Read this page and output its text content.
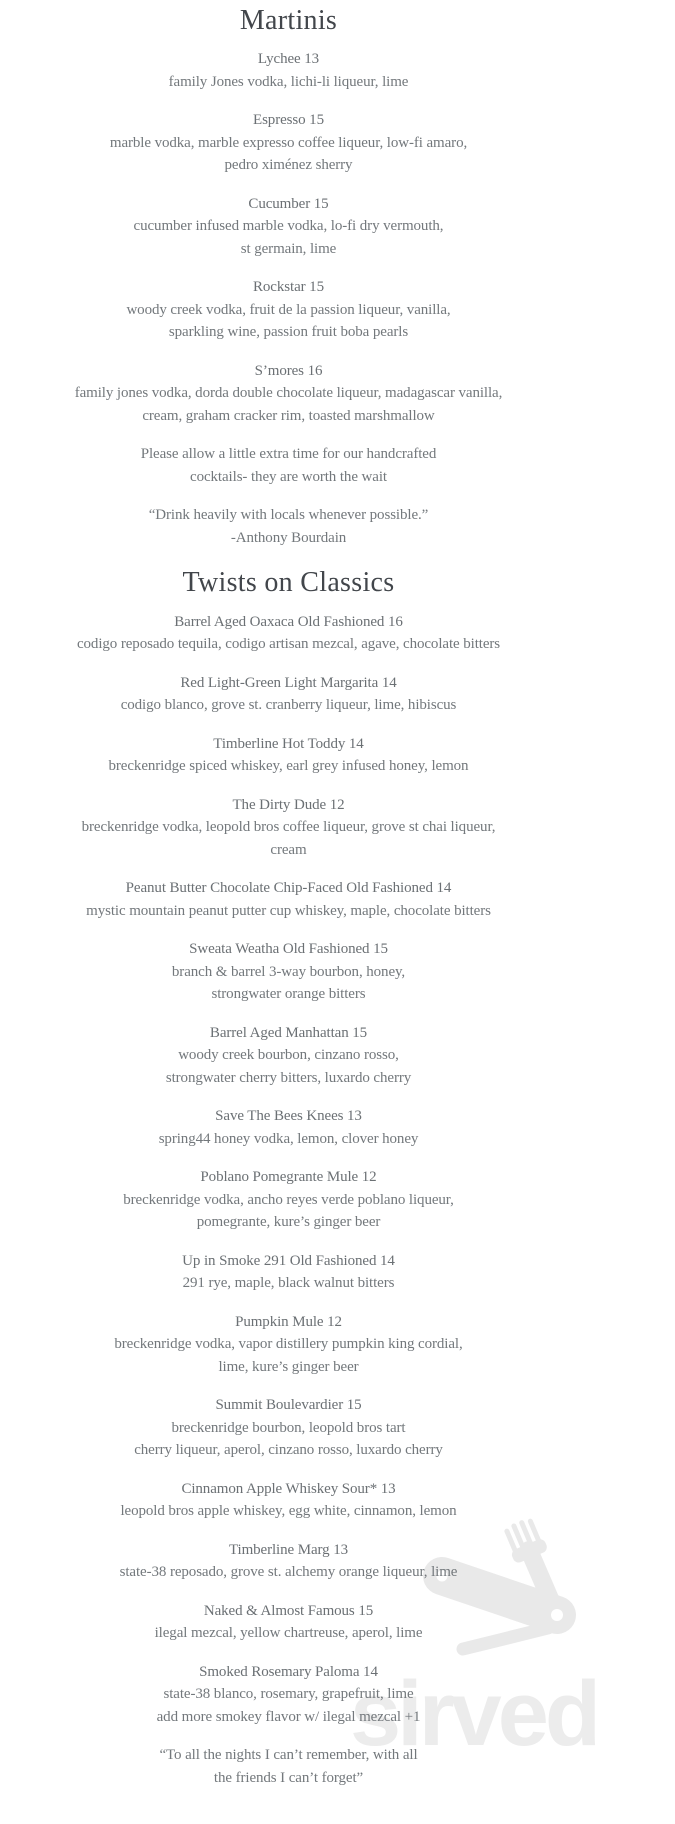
sirved
Martinis
Lychee 13
family Jones vodka, lichi-li liqueur, lime
Espresso 15
marble vodka, marble expresso coffee liqueur, low-fi amaro,
pedro ximénez sherry
Cucumber 15
cucumber infused marble vodka, lo-fi dry vermouth,
st germain, lime
Rockstar 15
woody creek vodka, fruit de la passion liqueur, vanilla,
sparkling wine, passion fruit boba pearls
S’mores 16
family jones vodka, dorda double chocolate liqueur, madagascar vanilla,
cream, graham cracker rim, toasted marshmallow
Please allow a little extra time for our handcrafted
cocktails- they are worth the wait
“Drink heavily with locals whenever possible.”
-Anthony Bourdain
Twists on Classics
Barrel Aged Oaxaca Old Fashioned 16
codigo reposado tequila, codigo artisan mezcal, agave, chocolate bitters
Red Light-Green Light Margarita 14
codigo blanco, grove st. cranberry liqueur, lime, hibiscus
Timberline Hot Toddy 14
breckenridge spiced whiskey, earl grey infused honey, lemon
The Dirty Dude 12
breckenridge vodka, leopold bros coffee liqueur, grove st chai liqueur,
cream
Peanut Butter Chocolate Chip-Faced Old Fashioned 14
mystic mountain peanut putter cup whiskey, maple, chocolate bitters
Sweata Weatha Old Fashioned 15
branch & barrel 3-way bourbon, honey,
strongwater orange bitters
Barrel Aged Manhattan 15
woody creek bourbon, cinzano rosso,
strongwater cherry bitters, luxardo cherry
Save The Bees Knees 13
spring44 honey vodka, lemon, clover honey
Poblano Pomegrante Mule 12
breckenridge vodka, ancho reyes verde poblano liqueur,
pomegrante, kure’s ginger beer
Up in Smoke 291 Old Fashioned 14
291 rye, maple, black walnut bitters
Pumpkin Mule 12
breckenridge vodka, vapor distillery pumpkin king cordial,
lime, kure’s ginger beer
Summit Boulevardier 15
breckenridge bourbon, leopold bros tart
cherry liqueur, aperol, cinzano rosso, luxardo cherry
Cinnamon Apple Whiskey Sour* 13
leopold bros apple whiskey, egg white, cinnamon, lemon
Timberline Marg 13
state-38 reposado, grove st. alchemy orange liqueur, lime
Naked & Almost Famous 15
ilegal mezcal, yellow chartreuse, aperol, lime
Smoked Rosemary Paloma 14
state-38 blanco, rosemary, grapefruit, lime
add more smokey flavor w/ ilegal mezcal +1
“To all the nights I can’t remember, with all
the friends I can’t forget”
